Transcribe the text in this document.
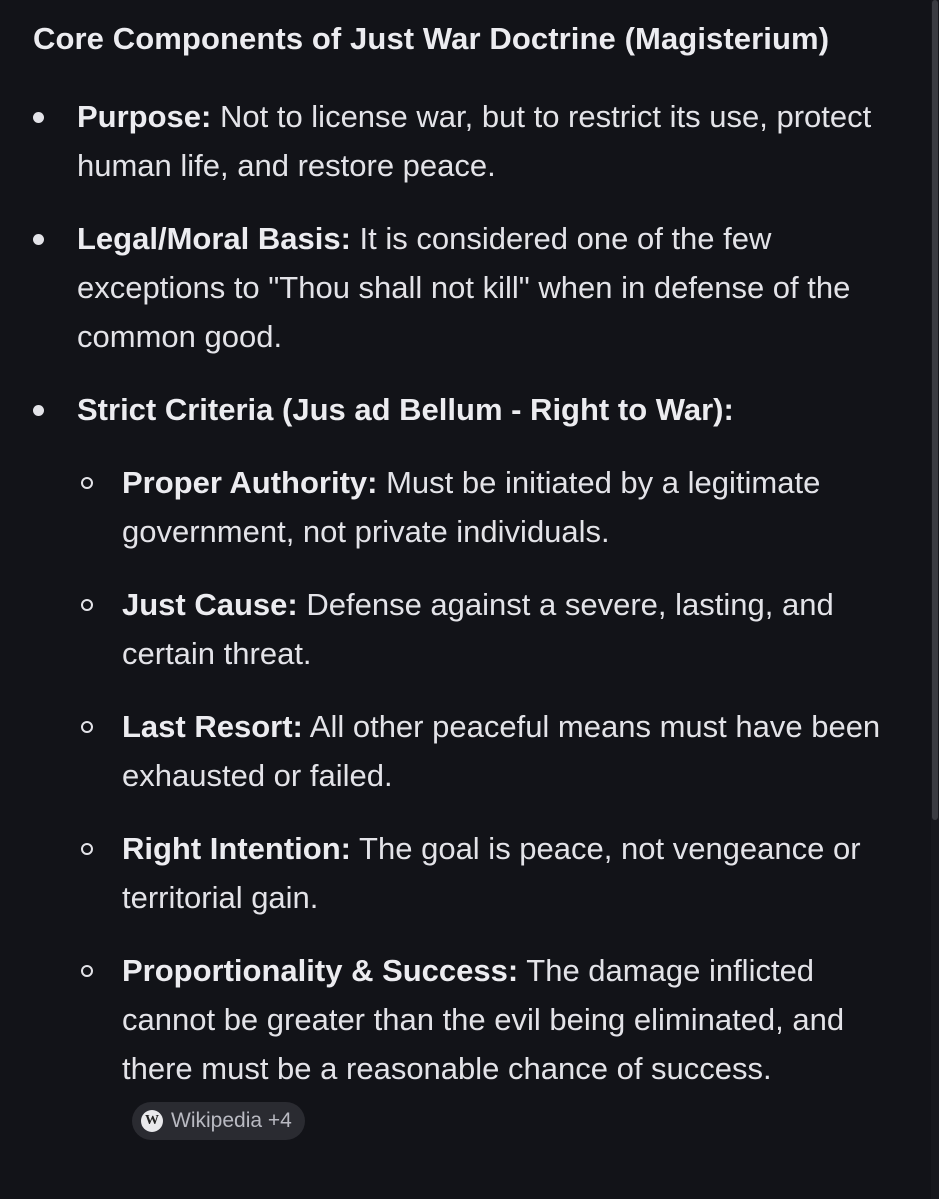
Core Components of Just War Doctrine (Magisterium)
Purpose: Not to license war, but to restrict its use, protect human life, and restore peace.
Legal/Moral Basis: It is considered one of the few exceptions to "Thou shall not kill" when in defense of the common good.
Strict Criteria (Jus ad Bellum - Right to War):
Proper Authority: Must be initiated by a legitimate government, not private individuals.
Just Cause: Defense against a severe, lasting, and certain threat.
Last Resort: All other peaceful means must have been exhausted or failed.
Right Intention: The goal is peace, not vengeance or territorial gain.
Proportionality & Success: The damage inflicted cannot be greater than the evil being eliminated, and there must be a reasonable chance of success.
W Wikipedia +4
